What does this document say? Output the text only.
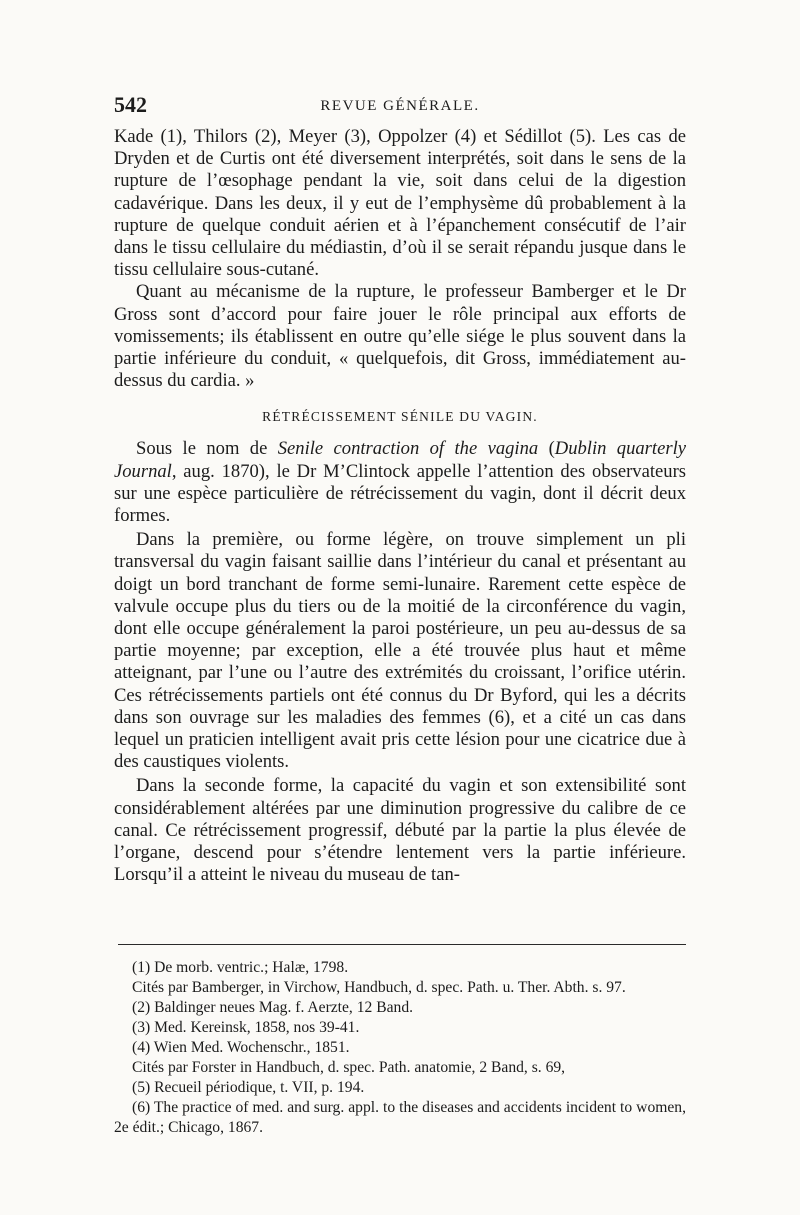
542	REVUE GÉNÉRALE.

Kade (1), Thilors (2), Meyer (3), Oppolzer (4) et Sédillot (5). Les cas de Dryden et de Curtis ont été diversement interprétés, soit dans le sens de la rupture de l’œsophage pendant la vie, soit dans celui de la digestion cadavérique. Dans les deux, il y eut de l’emphysème dû probablement à la rupture de quelque conduit aérien et à l’épanchement consécutif de l’air dans le tissu cellulaire du médiastin, d’où il se serait répandu jusque dans le tissu cellulaire sous-cutané.

Quant au mécanisme de la rupture, le professeur Bamberger et le Dr Gross sont d’accord pour faire jouer le rôle principal aux efforts de vomissements; ils établissent en outre qu’elle siége le plus souvent dans la partie inférieure du conduit, « quelquefois, dit Gross, immédiatement au-dessus du cardia. »

RÉTRÉCISSEMENT SÉNILE DU VAGIN.

Sous le nom de Senile contraction of the vagina (Dublin quarterly Journal, aug. 1870), le Dr M’Clintock appelle l’attention des observateurs sur une espèce particulière de rétrécissement du vagin, dont il décrit deux formes.

Dans la première, ou forme légère, on trouve simplement un pli transversal du vagin faisant saillie dans l’intérieur du canal et présentant au doigt un bord tranchant de forme semi-lunaire. Rarement cette espèce de valvule occupe plus du tiers ou de la moitié de la circonférence du vagin, dont elle occupe généralement la paroi postérieure, un peu au-dessus de sa partie moyenne; par exception, elle a été trouvée plus haut et même atteignant, par l’une ou l’autre des extrémités du croissant, l’orifice utérin. Ces rétrécissements partiels ont été connus du Dr Byford, qui les a décrits dans son ouvrage sur les maladies des femmes (6), et a cité un cas dans lequel un praticien intelligent avait pris cette lésion pour une cicatrice due à des caustiques violents.

Dans la seconde forme, la capacité du vagin et son extensibilité sont considérablement altérées par une diminution progressive du calibre de ce canal. Ce rétrécissement progressif, débuté par la partie la plus élevée de l’organe, descend pour s’étendre lentement vers la partie inférieure. Lorsqu’il a atteint le niveau du museau de tan-

(1) De morb. ventric.; Halæ, 1798.

Cités par Bamberger, in Virchow, Handbuch, d. spec. Path. u. Ther. Abth. s. 97.

(2) Baldinger neues Mag. f. Aerzte, 12 Band.

(3) Med. Kereinsk, 1858, nos 39-41.

(4) Wien Med. Wochenschr., 1851.

Cités par Forster in Handbuch, d. spec. Path. anatomie, 2 Band, s. 69,

(5) Recueil périodique, t. VII, p. 194.

(6) The practice of med. and surg. appl. to the diseases and accidents incident to women, 2e édit.; Chicago, 1867.
